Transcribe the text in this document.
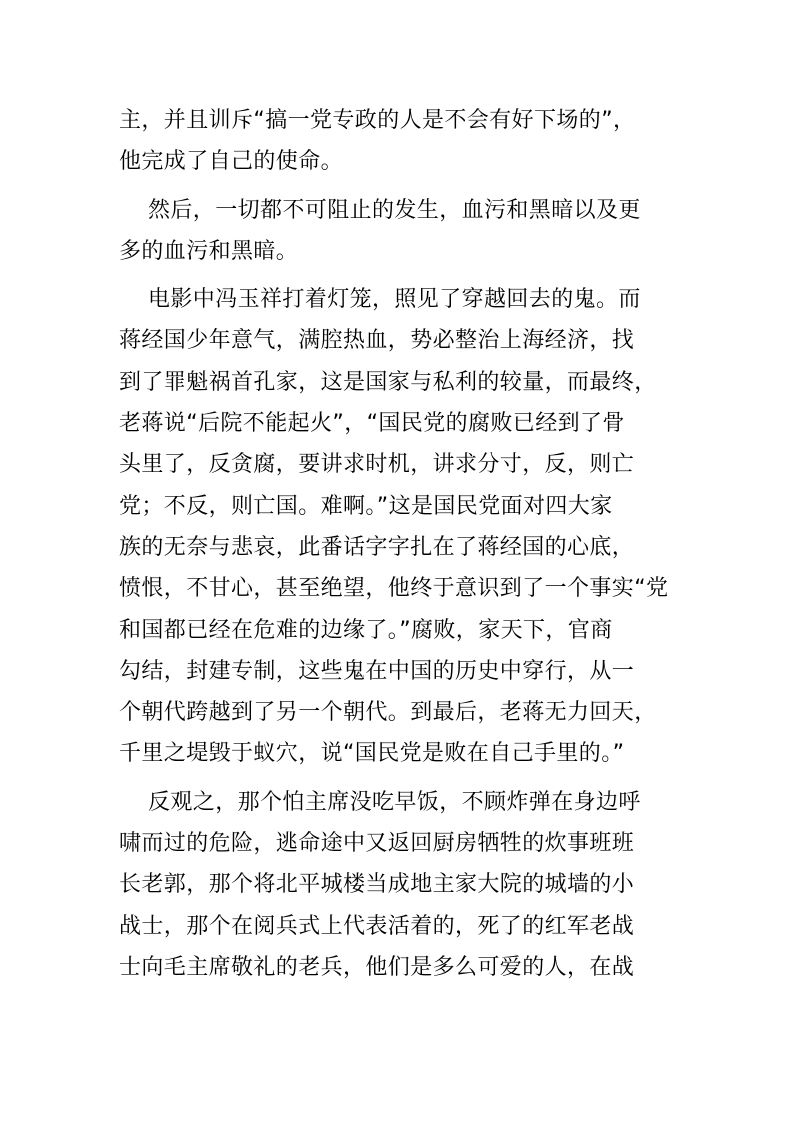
主，并且训斥“搞一党专政的人是不会有好下场的”，
他完成了自己的使命。
然后，一切都不可阻止的发生，血污和黑暗以及更
多的血污和黑暗。
电影中冯玉祥打着灯笼，照见了穿越回去的鬼。而
蒋经国少年意气，满腔热血，势必整治上海经济，找
到了罪魁祸首孔家，这是国家与私利的较量，而最终，
老蒋说“后院不能起火”，“国民党的腐败已经到了骨
头里了，反贪腐，要讲求时机，讲求分寸，反，则亡
党；不反，则亡国。难啊。”这是国民党面对四大家
族的无奈与悲哀，此番话字字扎在了蒋经国的心底，
愤恨，不甘心，甚至绝望，他终于意识到了一个事实“党
和国都已经在危难的边缘了。”腐败，家天下，官商
勾结，封建专制，这些鬼在中国的历史中穿行，从一
个朝代跨越到了另一个朝代。到最后，老蒋无力回天，
千里之堤毁于蚁穴，说“国民党是败在自己手里的。”
反观之，那个怕主席没吃早饭，不顾炸弹在身边呼
啸而过的危险，逃命途中又返回厨房牺牲的炊事班班
长老郭，那个将北平城楼当成地主家大院的城墙的小
战士，那个在阅兵式上代表活着的，死了的红军老战
士向毛主席敬礼的老兵，他们是多么可爱的人，在战
